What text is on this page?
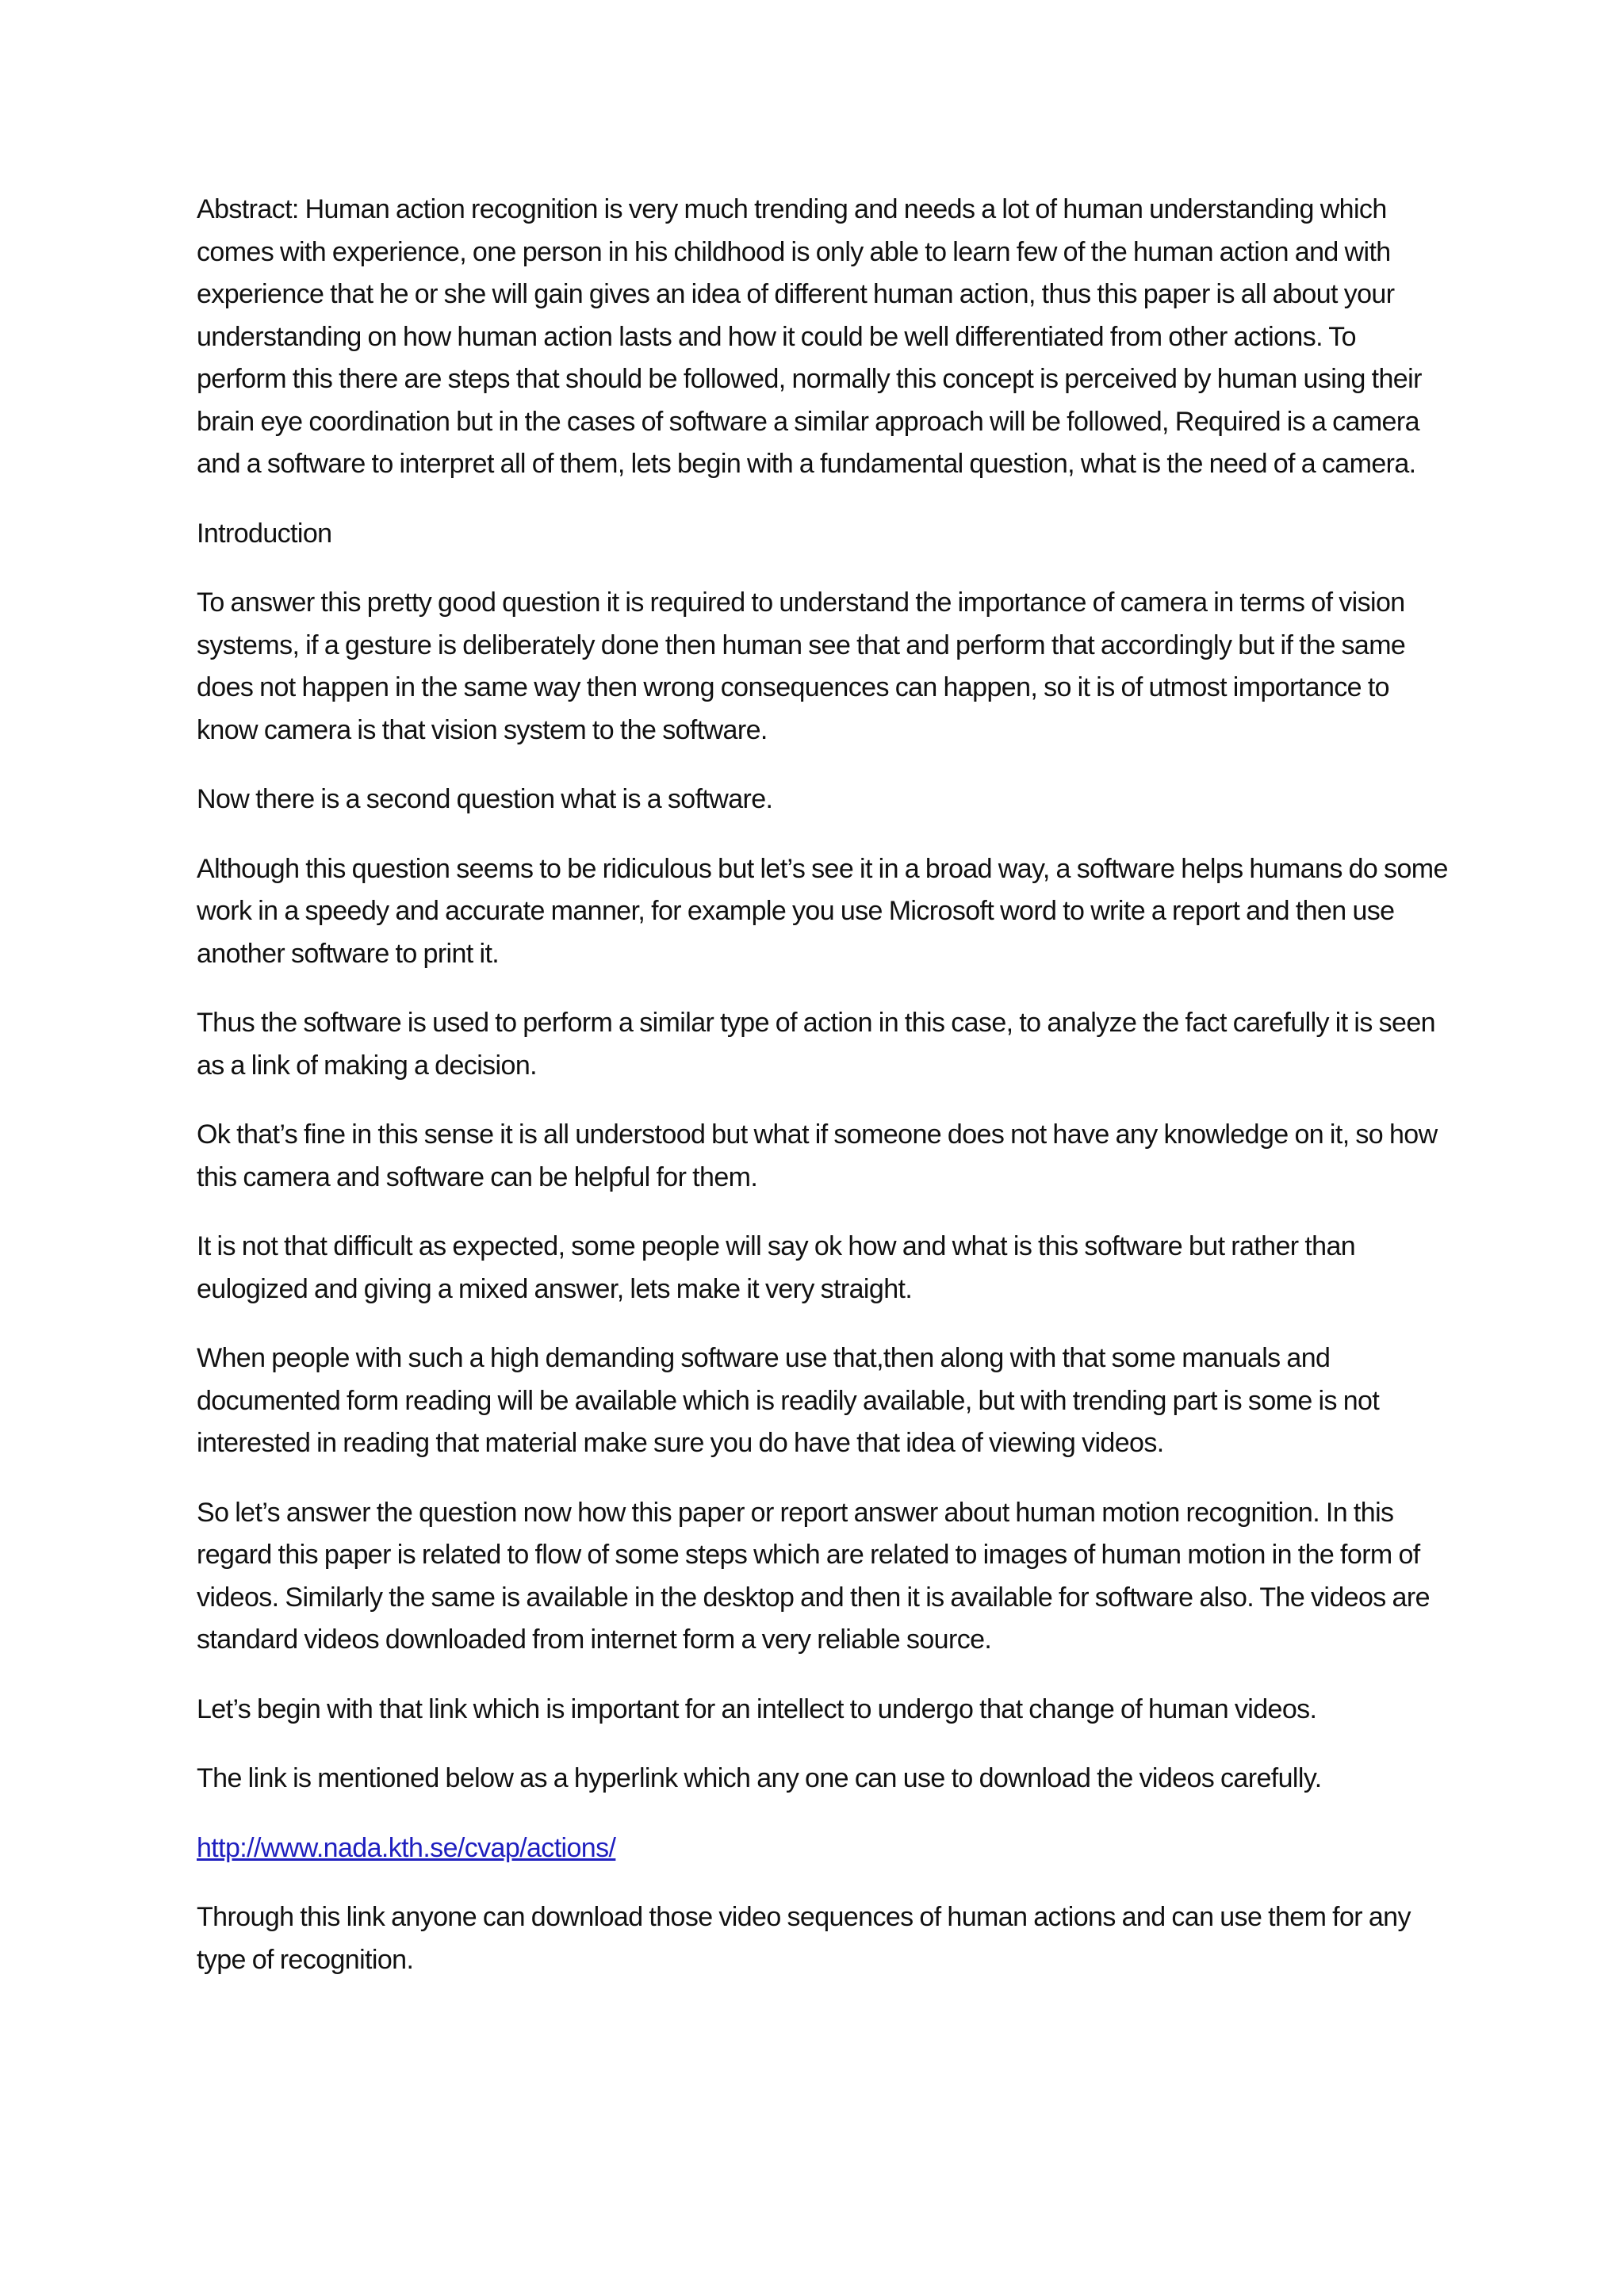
Abstract: Human action recognition is very much trending and needs a lot of human understanding which comes with experience, one person in his childhood is only able to learn few of the human action and with experience that he or she will gain gives an idea of different human action, thus this paper is all about your understanding on how human action lasts and how it could be well differentiated from other actions. To perform this there are steps that should be followed, normally this concept is perceived by human using their brain eye coordination but in the cases of software a similar approach will be followed, Required is a camera and a software to interpret all of them, lets begin with a fundamental question, what is the need of a camera.

Introduction

To answer this pretty good question it is required to understand the importance of camera in terms of vision systems, if a gesture is deliberately done then human see that and perform that accordingly but if the same does not happen in the same way then wrong consequences can happen, so it is of utmost importance to know camera is that vision system to the software.

Now there is a second question what is a software.

Although this question seems to be ridiculous but let’s see it in a broad way, a software helps humans do some work in a speedy and accurate manner, for example you use Microsoft word to write a report and then use another software to print it.

Thus the software is used to perform a similar type of action in this case, to analyze the fact carefully it is seen as a link of making a decision.

Ok that’s fine in this sense it is all understood but what if someone does not have any knowledge on it, so how this camera and software can be helpful for them.

It is not that difficult as expected, some people will say ok how and what is this software but rather than eulogized and giving a mixed answer, lets make it very straight.

When people with such a high demanding software use that,then along with that some manuals and documented form reading will be available which is readily available, but with trending part is some is not interested in reading that material make sure you do have that idea of viewing videos.

So let’s answer the question now how this paper or report answer about human motion recognition. In this regard this paper is related to flow of some steps which are related to images of human motion in the form of videos. Similarly the same is available in the desktop and then it is available for software also. The videos are standard videos downloaded from internet form a very reliable source.

Let’s begin with that link which is important for an intellect to undergo that change of human videos.

The link is mentioned below as a hyperlink which any one can use to download the videos carefully.

http://www.nada.kth.se/cvap/actions/

Through this link anyone can download those video sequences of human actions and can use them for any type of recognition.
